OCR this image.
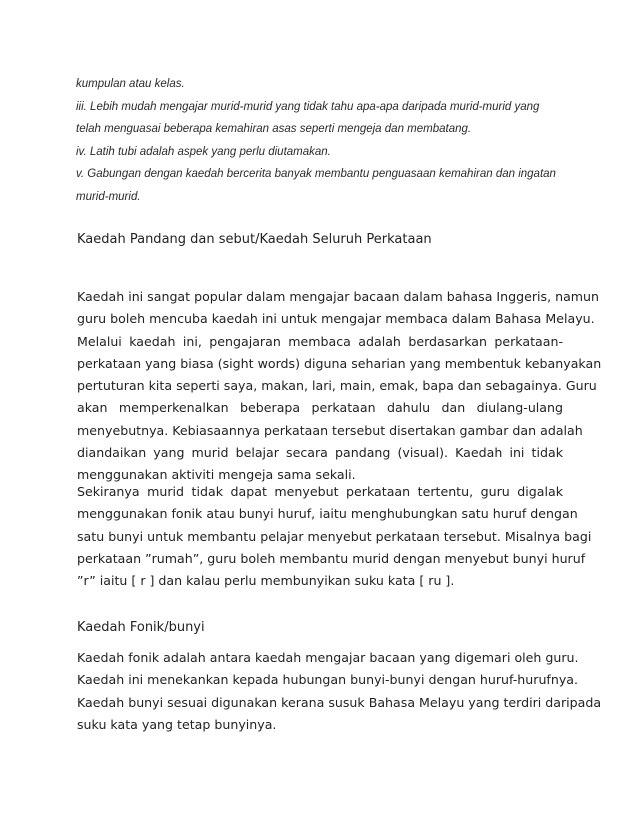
kumpulan atau kelas.

iii. Lebih mudah mengajar murid-murid yang tidak tahu apa-apa daripada murid-murid yang

telah menguasai beberapa kemahiran asas seperti mengeja dan membatang.

iv. Latih tubi adalah aspek yang perlu diutamakan.

v. Gabungan dengan kaedah bercerita banyak membantu penguasaan kemahiran dan ingatan

murid-murid.

Kaedah Pandang dan sebut/Kaedah Seluruh Perkataan
Kaedah ini sangat popular dalam mengajar bacaan dalam bahasa Inggeris, namun
guru boleh mencuba kaedah ini untuk mengajar membaca dalam Bahasa Melayu.
Melalui kaedah ini, pengajaran membaca adalah berdasarkan perkataan-
perkataan yang biasa (sight words) diguna seharian yang membentuk kebanyakan
pertuturan kita seperti saya, makan, lari, main, emak, bapa dan sebagainya. Guru
akan memperkenalkan beberapa perkataan dahulu dan diulang-ulang
menyebutnya. Kebiasaannya perkataan tersebut disertakan gambar dan adalah
diandaikan yang murid belajar secara pandang (visual). Kaedah ini tidak
menggunakan aktiviti mengeja sama sekali.
Sekiranya murid tidak dapat menyebut perkataan tertentu, guru digalak
menggunakan fonik atau bunyi huruf, iaitu menghubungkan satu huruf dengan
satu bunyi untuk membantu pelajar menyebut perkataan tersebut. Misalnya bagi
perkataan ”rumah”, guru boleh membantu murid dengan menyebut bunyi huruf
”r” iaitu [ r ] dan kalau perlu membunyikan suku kata [ ru ].
Kaedah Fonik/bunyi
Kaedah fonik adalah antara kaedah mengajar bacaan yang digemari oleh guru.
Kaedah ini menekankan kepada hubungan bunyi-bunyi dengan huruf-hurufnya.
Kaedah bunyi sesuai digunakan kerana susuk Bahasa Melayu yang terdiri daripada
suku kata yang tetap bunyinya.
